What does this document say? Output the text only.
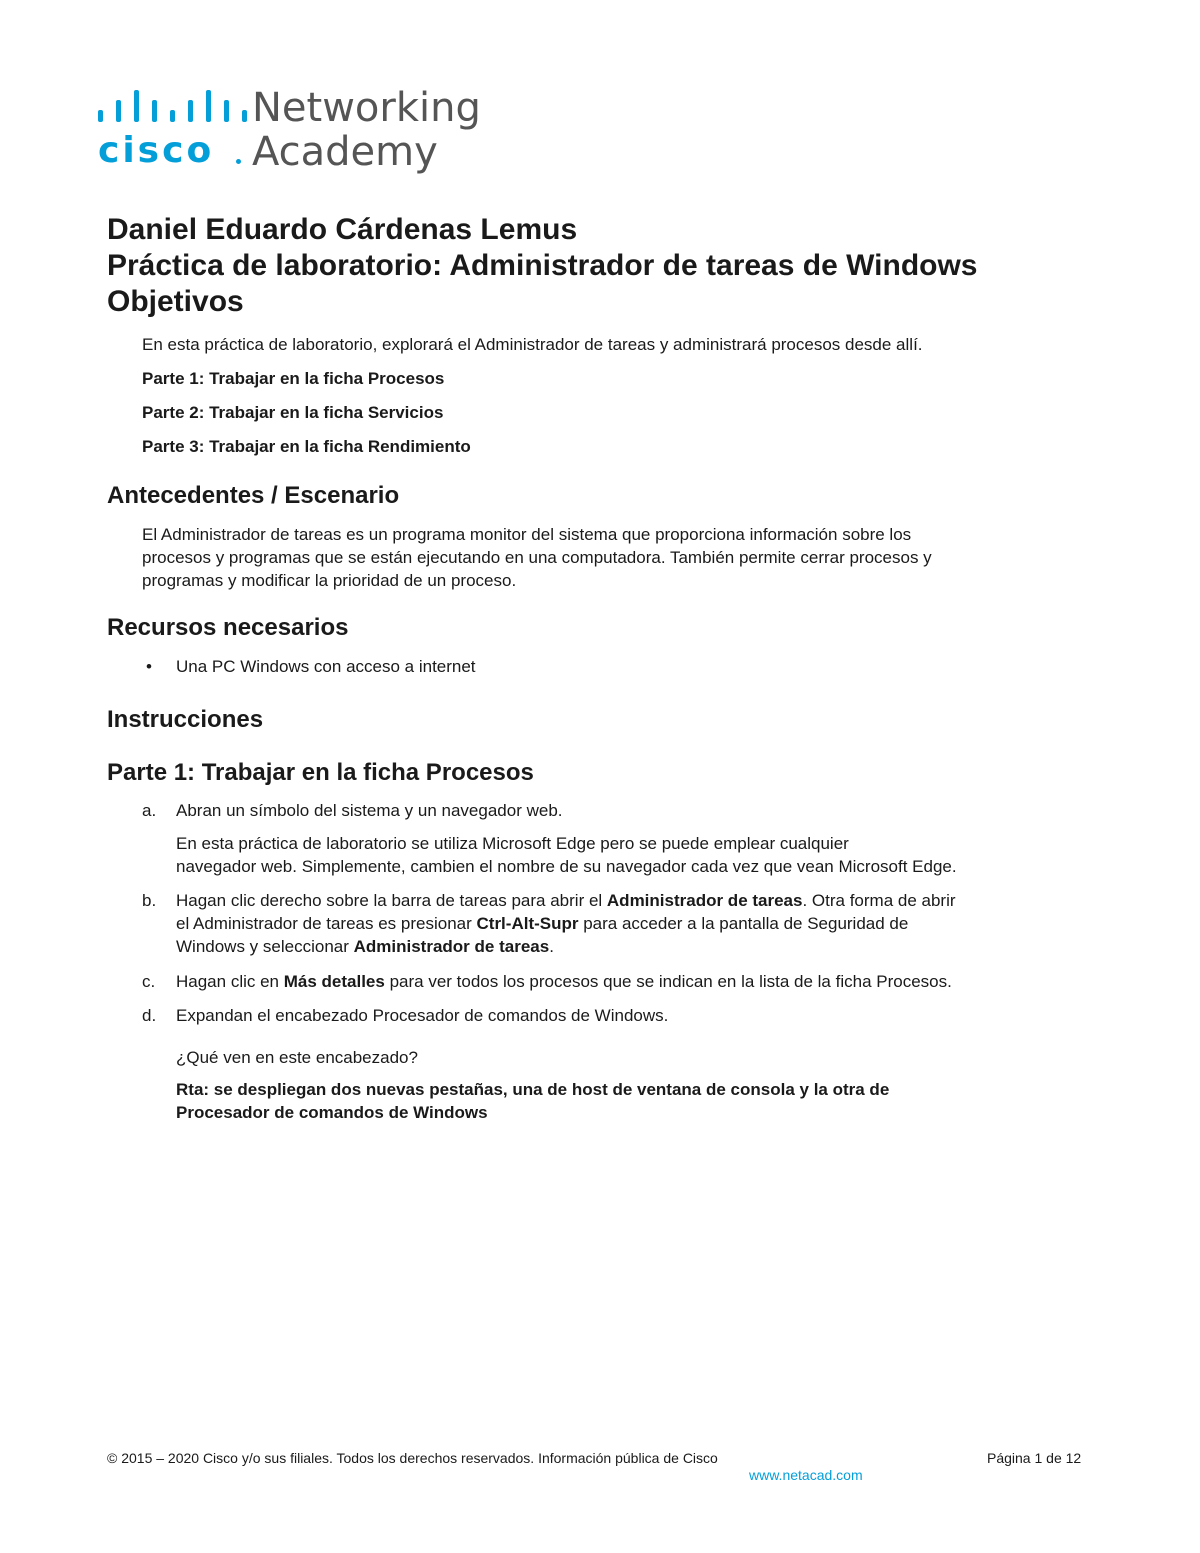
cisco
Networking
Academy
Daniel Eduardo Cárdenas Lemus
Práctica de laboratorio: Administrador de tareas de Windows
Objetivos

En esta práctica de laboratorio, explorará el Administrador de tareas y administrará procesos desde allí.

Parte 1: Trabajar en la ficha Procesos

Parte 2: Trabajar en la ficha Servicios

Parte 3: Trabajar en la ficha Rendimiento

Antecedentes / Escenario

El Administrador de tareas es un programa monitor del sistema que proporciona información sobre los

procesos y programas que se están ejecutando en una computadora. También permite cerrar procesos y

programas y modificar la prioridad de un proceso.

Recursos necesarios
• Una PC Windows con acceso a internet

Instrucciones
Parte 1: Trabajar en la ficha Procesos
a. Abran un símbolo del sistema y un navegador web.

En esta práctica de laboratorio se utiliza Microsoft Edge pero se puede emplear cualquier

navegador web. Simplemente, cambien el nombre de su navegador cada vez que vean Microsoft Edge.

b. Hagan clic derecho sobre la barra de tareas para abrir el Administrador de tareas. Otra forma de abrir

el Administrador de tareas es presionar Ctrl-Alt-Supr para acceder a la pantalla de Seguridad de

Windows y seleccionar Administrador de tareas.

c. Hagan clic en Más detalles para ver todos los procesos que se indican en la lista de la ficha Procesos.

d. Expandan el encabezado Procesador de comandos de Windows.

¿Qué ven en este encabezado?

Rta: se despliegan dos nuevas pestañas, una de host de ventana de consola y la otra de

Procesador de comandos de Windows

© 2015 – 2020 Cisco y/o sus filiales. Todos los derechos reservados. Información pública de Cisco	Página 1 de 12
www.netacad.com
